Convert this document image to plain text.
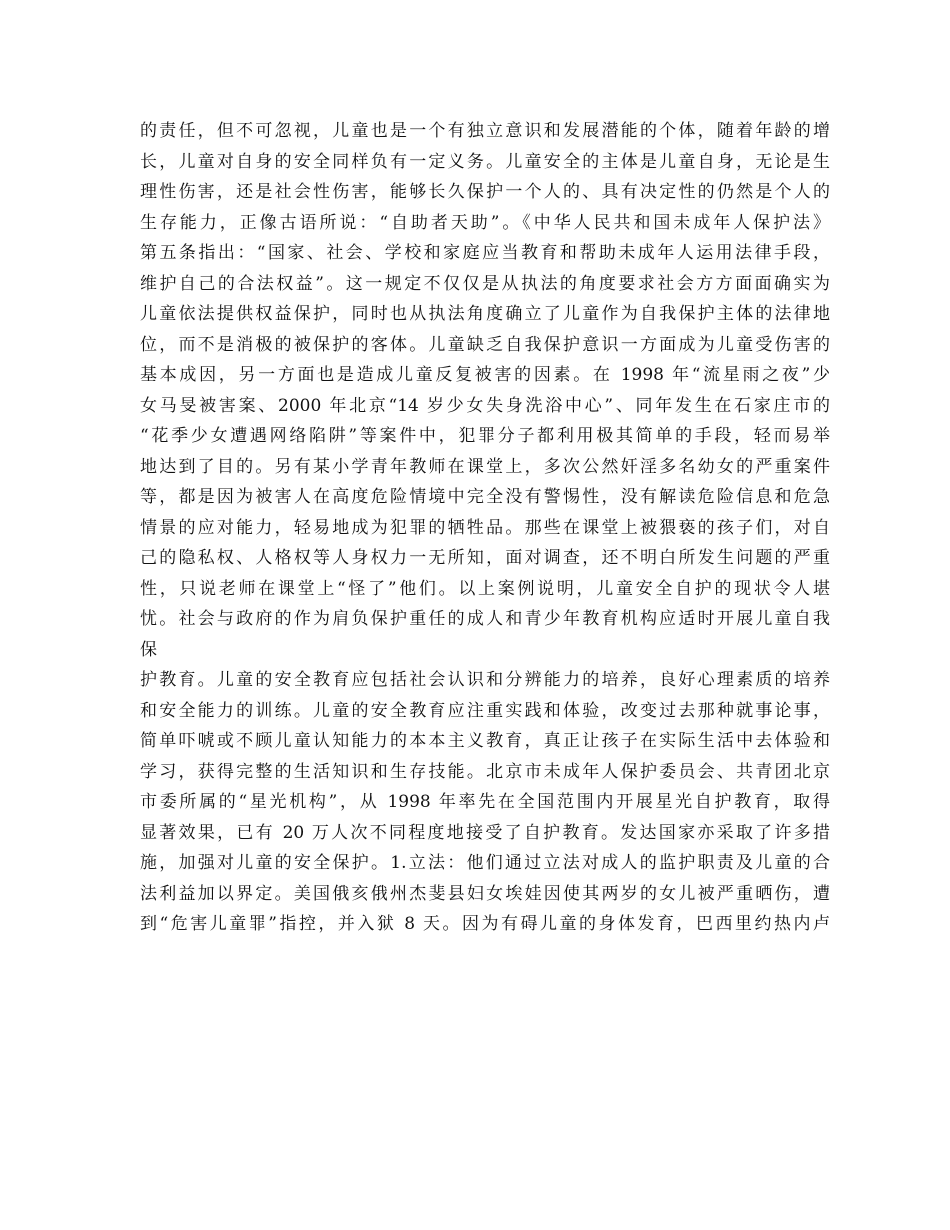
的责任，但不可忽视，儿童也是一个有独立意识和发展潜能的个体，随着年龄的增
长，儿童对自身的安全同样负有一定义务。儿童安全的主体是儿童自身，无论是生
理性伤害，还是社会性伤害，能够长久保护一个人的、具有决定性的仍然是个人的
生存能力，正像古语所说：“自助者天助”。《中华人民共和国未成年人保护法》
第五条指出：“国家、社会、学校和家庭应当教育和帮助未成年人运用法律手段，
维护自己的合法权益”。这一规定不仅仅是从执法的角度要求社会方方面面确实为
儿童依法提供权益保护，同时也从执法角度确立了儿童作为自我保护主体的法律地
位，而不是消极的被保护的客体。儿童缺乏自我保护意识一方面成为儿童受伤害的
基本成因，另一方面也是造成儿童反复被害的因素。在 1998 年“流星雨之夜”少
女马旻被害案、2000 年北京“14 岁少女失身洗浴中心”、同年发生在石家庄市的
“花季少女遭遇网络陷阱”等案件中，犯罪分子都利用极其简单的手段，轻而易举
地达到了目的。另有某小学青年教师在课堂上，多次公然奸淫多名幼女的严重案件
等，都是因为被害人在高度危险情境中完全没有警惕性，没有解读危险信息和危急
情景的应对能力，轻易地成为犯罪的牺牲品。那些在课堂上被猥亵的孩子们，对自
己的隐私权、人格权等人身权力一无所知，面对调查，还不明白所发生问题的严重
性，只说老师在课堂上“怪了”他们。以上案例说明，儿童安全自护的现状令人堪
忧。社会与政府的作为肩负保护重任的成人和青少年教育机构应适时开展儿童自我
保
护教育。儿童的安全教育应包括社会认识和分辨能力的培养，良好心理素质的培养
和安全能力的训练。儿童的安全教育应注重实践和体验，改变过去那种就事论事，
简单吓唬或不顾儿童认知能力的本本主义教育，真正让孩子在实际生活中去体验和
学习，获得完整的生活知识和生存技能。北京市未成年人保护委员会、共青团北京
市委所属的“星光机构”，从 1998 年率先在全国范围内开展星光自护教育，取得
显著效果，已有 20 万人次不同程度地接受了自护教育。发达国家亦采取了许多措
施，加强对儿童的安全保护。1.立法：他们通过立法对成人的监护职责及儿童的合
法利益加以界定。美国俄亥俄州杰斐县妇女埃娃因使其两岁的女儿被严重晒伤，遭
到“危害儿童罪”指控，并入狱 8 天。因为有碍儿童的身体发育，巴西里约热内卢
